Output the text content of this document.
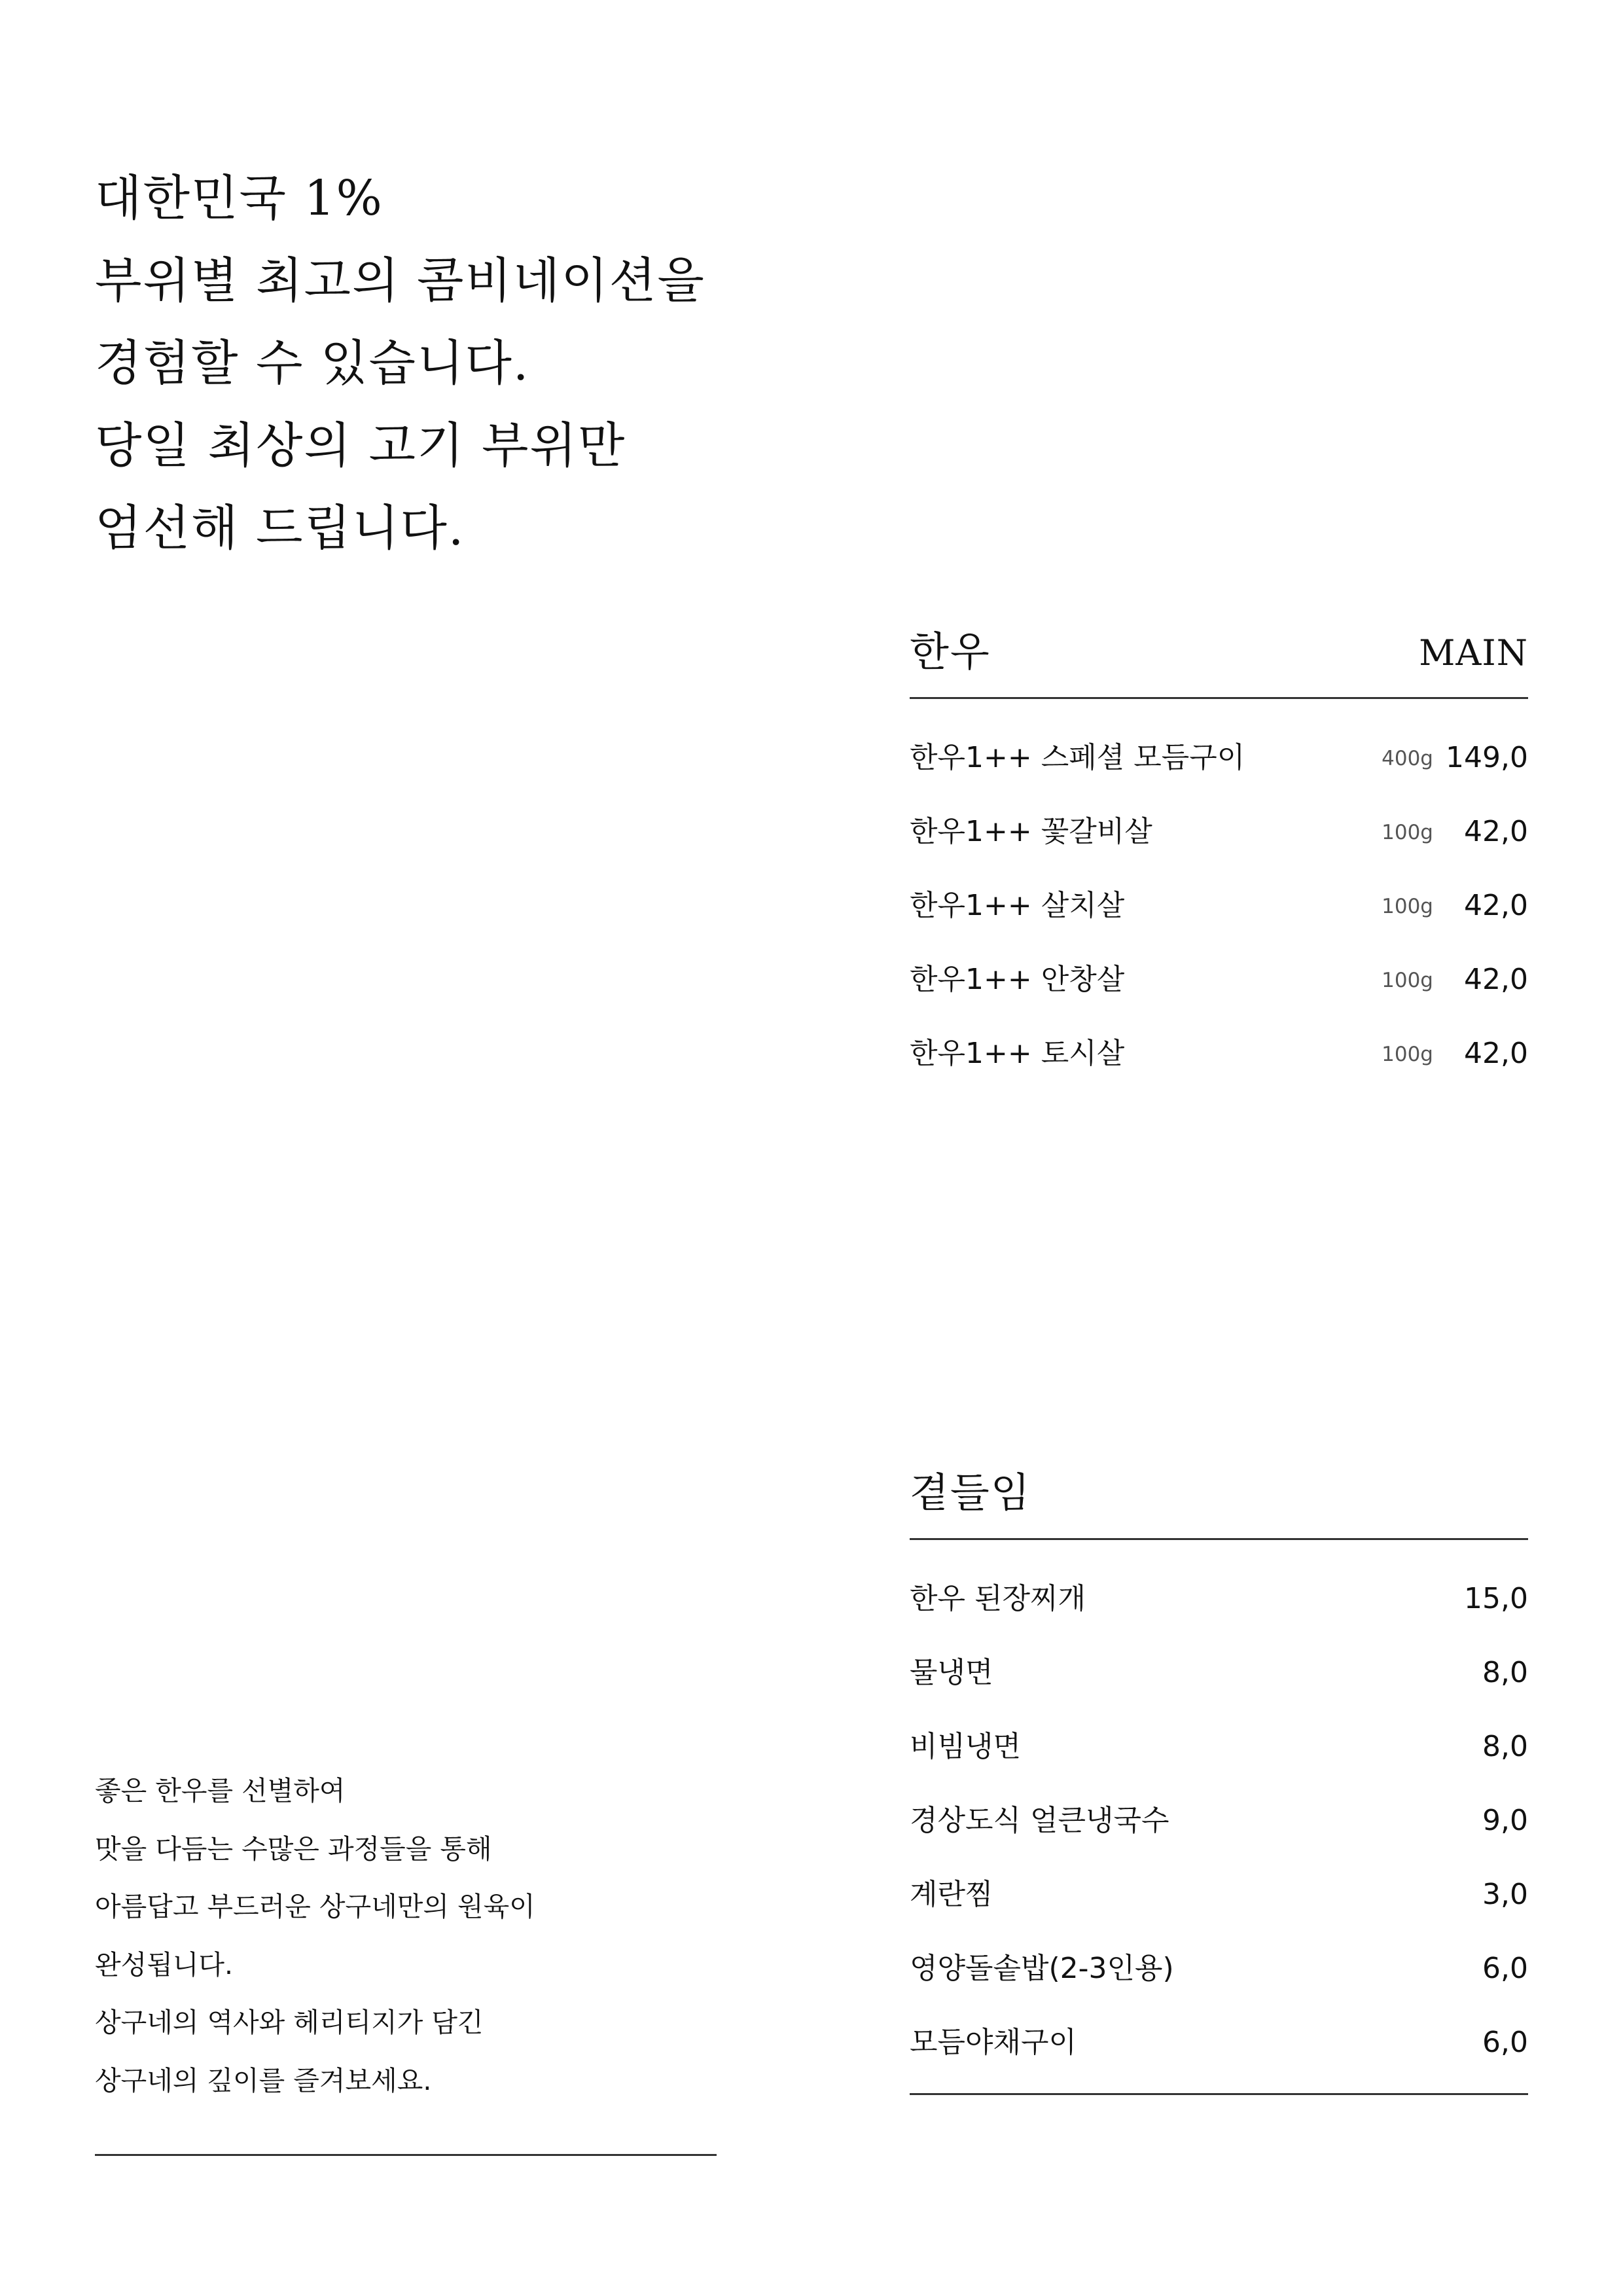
대한민국 1%
부위별 최고의 콤비네이션을
경험할 수 있습니다.
당일 최상의 고기 부위만
엄선해 드립니다.
한우	MAIN
한우1++ 스페셜 모듬구이	400g 149,0
한우1++ 꽃갈비살	100g 42,0
한우1++ 살치살	100g 42,0
한우1++ 안창살	100g 42,0
한우1++ 토시살	100g 42,0
곁들임
한우 된장찌개	15,0
물냉면	8,0
비빔냉면	8,0
경상도식 얼큰냉국수	9,0
계란찜	3,0
영양돌솥밥(2-3인용)	6,0
모듬야채구이	6,0
좋은 한우를 선별하여
맛을 다듬는 수많은 과정들을 통해
아름답고 부드러운 상구네만의 원육이
완성됩니다.
상구네의 역사와 헤리티지가 담긴
상구네의 깊이를 즐겨보세요.
